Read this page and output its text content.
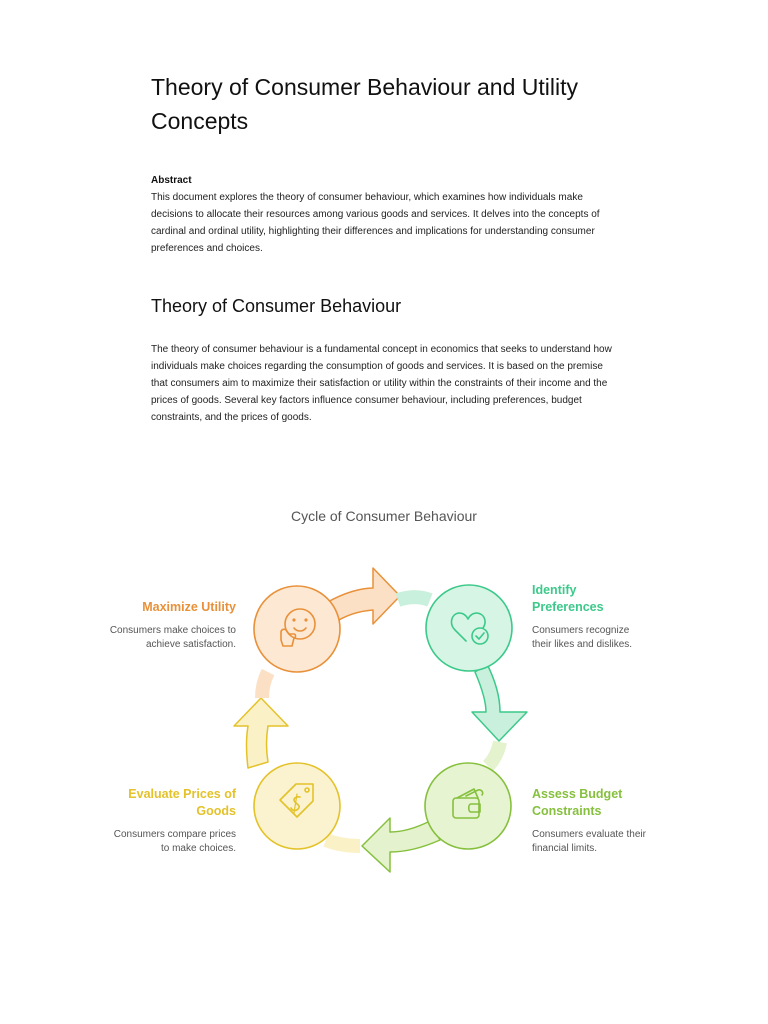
Theory of Consumer Behaviour and Utility Concepts
Abstract

This document explores the theory of consumer behaviour, which examines how individuals make decisions to allocate their resources among various goods and services. It delves into the concepts of cardinal and ordinal utility, highlighting their differences and implications for understanding consumer preferences and choices.

Theory of Consumer Behaviour

The theory of consumer behaviour is a fundamental concept in economics that seeks to understand how individuals make choices regarding the consumption of goods and services. It is based on the premise that consumers aim to maximize their satisfaction or utility within the constraints of their income and the prices of goods. Several key factors influence consumer behaviour, including preferences, budget constraints, and the prices of goods.

Cycle of Consumer Behaviour
Maximize Utility
Consumers make choices to achieve satisfaction.
Identify Preferences
Consumers recognize their likes and dislikes.
Assess Budget Constraints
Consumers evaluate their financial limits.
Evaluate Prices of Goods
Consumers compare prices to make choices.
